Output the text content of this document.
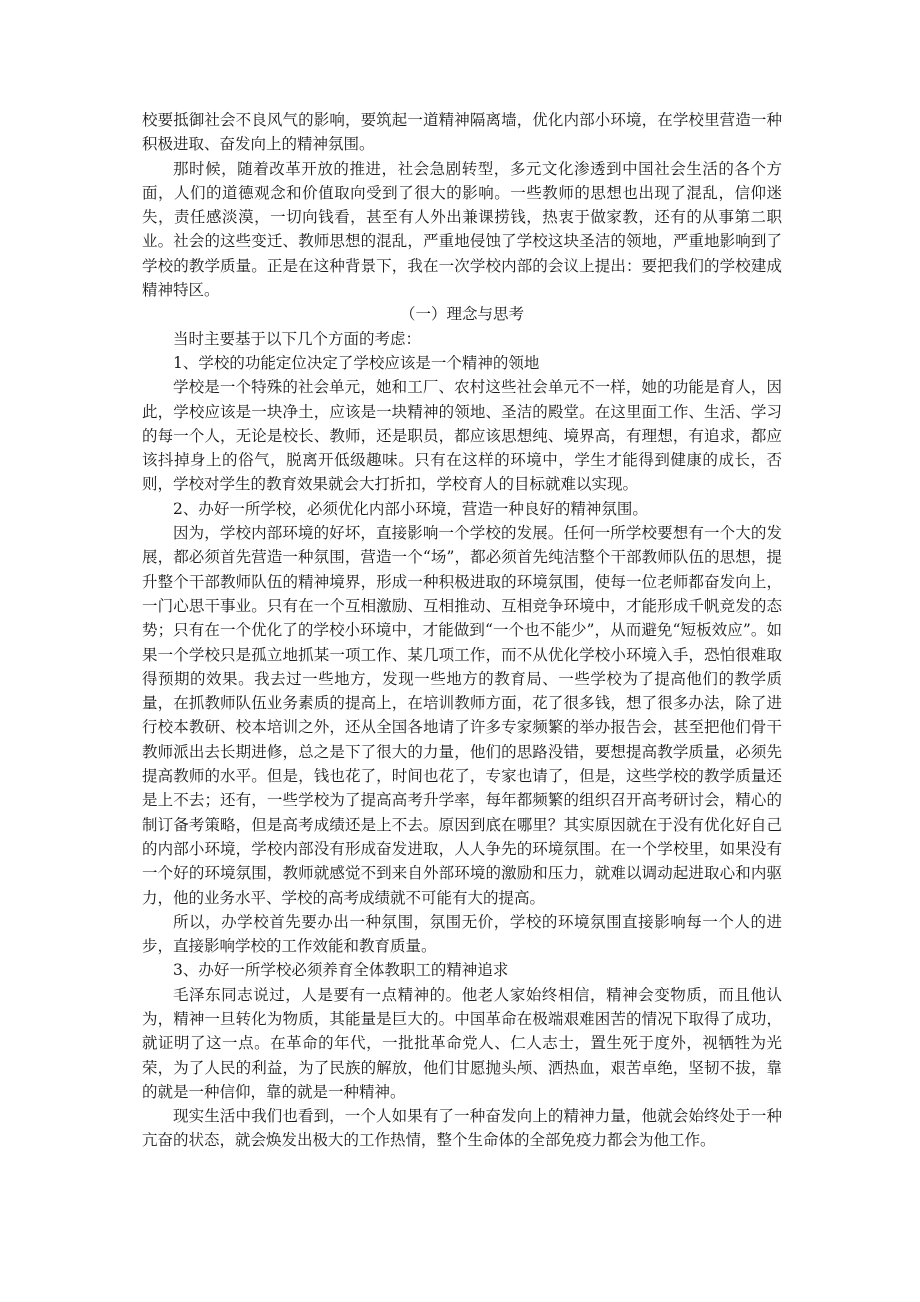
校要抵御社会不良风气的影响，要筑起一道精神隔离墙，优化内部小环境，在学校里营造一种积极进取、奋发向上的精神氛围。

那时候，随着改革开放的推进，社会急剧转型，多元文化渗透到中国社会生活的各个方面，人们的道德观念和价值取向受到了很大的影响。一些教师的思想也出现了混乱，信仰迷失，责任感淡漠，一切向钱看，甚至有人外出兼课捞钱，热衷于做家教，还有的从事第二职业。社会的这些变迁、教师思想的混乱，严重地侵蚀了学校这块圣洁的领地，严重地影响到了学校的教学质量。正是在这种背景下，我在一次学校内部的会议上提出：要把我们的学校建成精神特区。

（一）理念与思考

当时主要基于以下几个方面的考虑：

1、学校的功能定位决定了学校应该是一个精神的领地

学校是一个特殊的社会单元，她和工厂、农村这些社会单元不一样，她的功能是育人，因此，学校应该是一块净土，应该是一块精神的领地、圣洁的殿堂。在这里面工作、生活、学习的每一个人，无论是校长、教师，还是职员，都应该思想纯、境界高，有理想，有追求，都应该抖掉身上的俗气，脱离开低级趣味。只有在这样的环境中，学生才能得到健康的成长，否则，学校对学生的教育效果就会大打折扣，学校育人的目标就难以实现。

2、办好一所学校，必须优化内部小环境，营造一种良好的精神氛围。

因为，学校内部环境的好坏，直接影响一个学校的发展。任何一所学校要想有一个大的发展，都必须首先营造一种氛围，营造一个“场”，都必须首先纯洁整个干部教师队伍的思想，提升整个干部教师队伍的精神境界，形成一种积极进取的环境氛围，使每一位老师都奋发向上，一门心思干事业。只有在一个互相激励、互相推动、互相竞争环境中，才能形成千帆竞发的态势；只有在一个优化了的学校小环境中，才能做到“一个也不能少”，从而避免“短板效应”。如果一个学校只是孤立地抓某一项工作、某几项工作，而不从优化学校小环境入手，恐怕很难取得预期的效果。我去过一些地方，发现一些地方的教育局、一些学校为了提高他们的教学质量，在抓教师队伍业务素质的提高上，在培训教师方面，花了很多钱，想了很多办法，除了进行校本教研、校本培训之外，还从全国各地请了许多专家频繁的举办报告会，甚至把他们骨干教师派出去长期进修，总之是下了很大的力量，他们的思路没错，要想提高教学质量，必须先提高教师的水平。但是，钱也花了，时间也花了，专家也请了，但是，这些学校的教学质量还是上不去；还有，一些学校为了提高高考升学率，每年都频繁的组织召开高考研讨会，精心的制订备考策略，但是高考成绩还是上不去。原因到底在哪里？其实原因就在于没有优化好自己的内部小环境，学校内部没有形成奋发进取，人人争先的环境氛围。在一个学校里，如果没有一个好的环境氛围，教师就感觉不到来自外部环境的激励和压力，就难以调动起进取心和内驱力，他的业务水平、学校的高考成绩就不可能有大的提高。

所以，办学校首先要办出一种氛围，氛围无价，学校的环境氛围直接影响每一个人的进步，直接影响学校的工作效能和教育质量。

3、办好一所学校必须养育全体教职工的精神追求

毛泽东同志说过，人是要有一点精神的。他老人家始终相信，精神会变物质，而且他认为，精神一旦转化为物质，其能量是巨大的。中国革命在极端艰难困苦的情况下取得了成功，就证明了这一点。在革命的年代，一批批革命党人、仁人志士，置生死于度外，视牺牲为光荣，为了人民的利益，为了民族的解放，他们甘愿抛头颅、洒热血，艰苦卓绝，坚韧不拔，靠的就是一种信仰，靠的就是一种精神。

现实生活中我们也看到，一个人如果有了一种奋发向上的精神力量，他就会始终处于一种亢奋的状态，就会焕发出极大的工作热情，整个生命体的全部免疫力都会为他工作。
